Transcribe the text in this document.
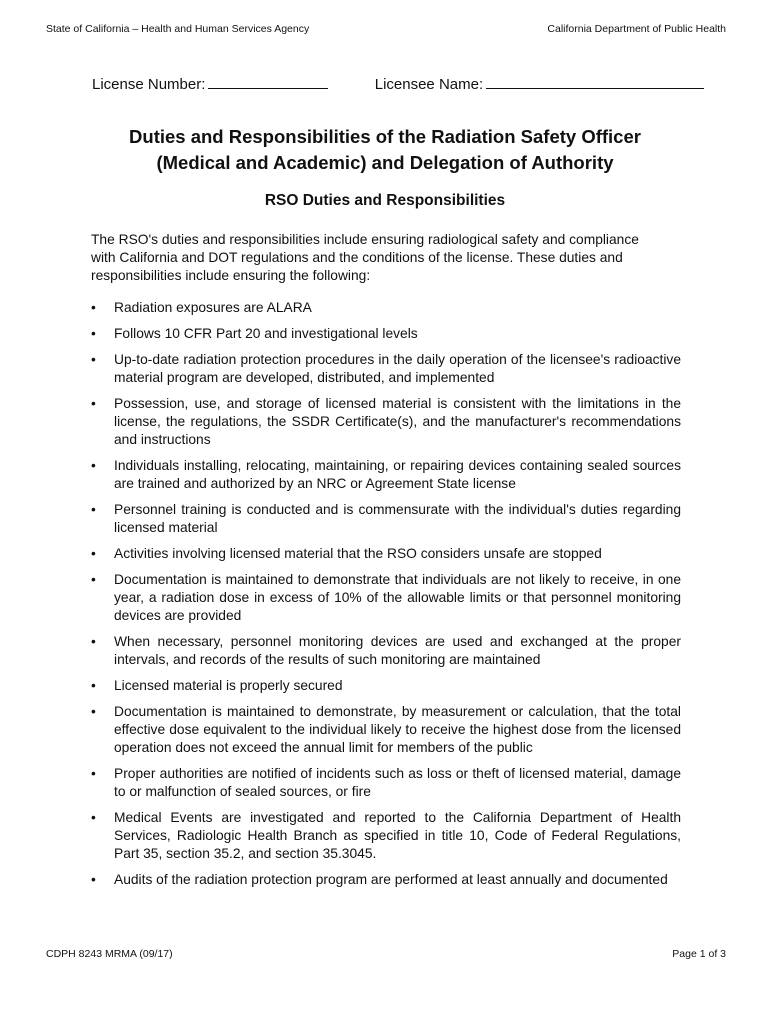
State of California – Health and Human Services Agency	California Department of Public Health
License Number:	Licensee Name:
Duties and Responsibilities of the Radiation Safety Officer
(Medical and Academic) and Delegation of Authority
RSO Duties and Responsibilities
The RSO's duties and responsibilities include ensuring radiological safety and compliance with California and DOT regulations and the conditions of the license. These duties and responsibilities include ensuring the following:
• Radiation exposures are ALARA
• Follows 10 CFR Part 20 and investigational levels
• Up-to-date radiation protection procedures in the daily operation of the licensee's radioactive material program are developed, distributed, and implemented
• Possession, use, and storage of licensed material is consistent with the limitations in the license, the regulations, the SSDR Certificate(s), and the manufacturer's recommendations and instructions
• Individuals installing, relocating, maintaining, or repairing devices containing sealed sources are trained and authorized by an NRC or Agreement State license
• Personnel training is conducted and is commensurate with the individual's duties regarding licensed material
• Activities involving licensed material that the RSO considers unsafe are stopped
• Documentation is maintained to demonstrate that individuals are not likely to receive, in one year, a radiation dose in excess of 10% of the allowable limits or that personnel monitoring devices are provided
• When necessary, personnel monitoring devices are used and exchanged at the proper intervals, and records of the results of such monitoring are maintained
• Licensed material is properly secured
• Documentation is maintained to demonstrate, by measurement or calculation, that the total effective dose equivalent to the individual likely to receive the highest dose from the licensed operation does not exceed the annual limit for members of the public
• Proper authorities are notified of incidents such as loss or theft of licensed material, damage to or malfunction of sealed sources, or fire
• Medical Events are investigated and reported to the California Department of Health Services, Radiologic Health Branch as specified in title 10, Code of Federal Regulations, Part 35, section 35.2, and section 35.3045.
• Audits of the radiation protection program are performed at least annually and documented
CDPH 8243 MRMA (09/17)	Page 1 of 3
